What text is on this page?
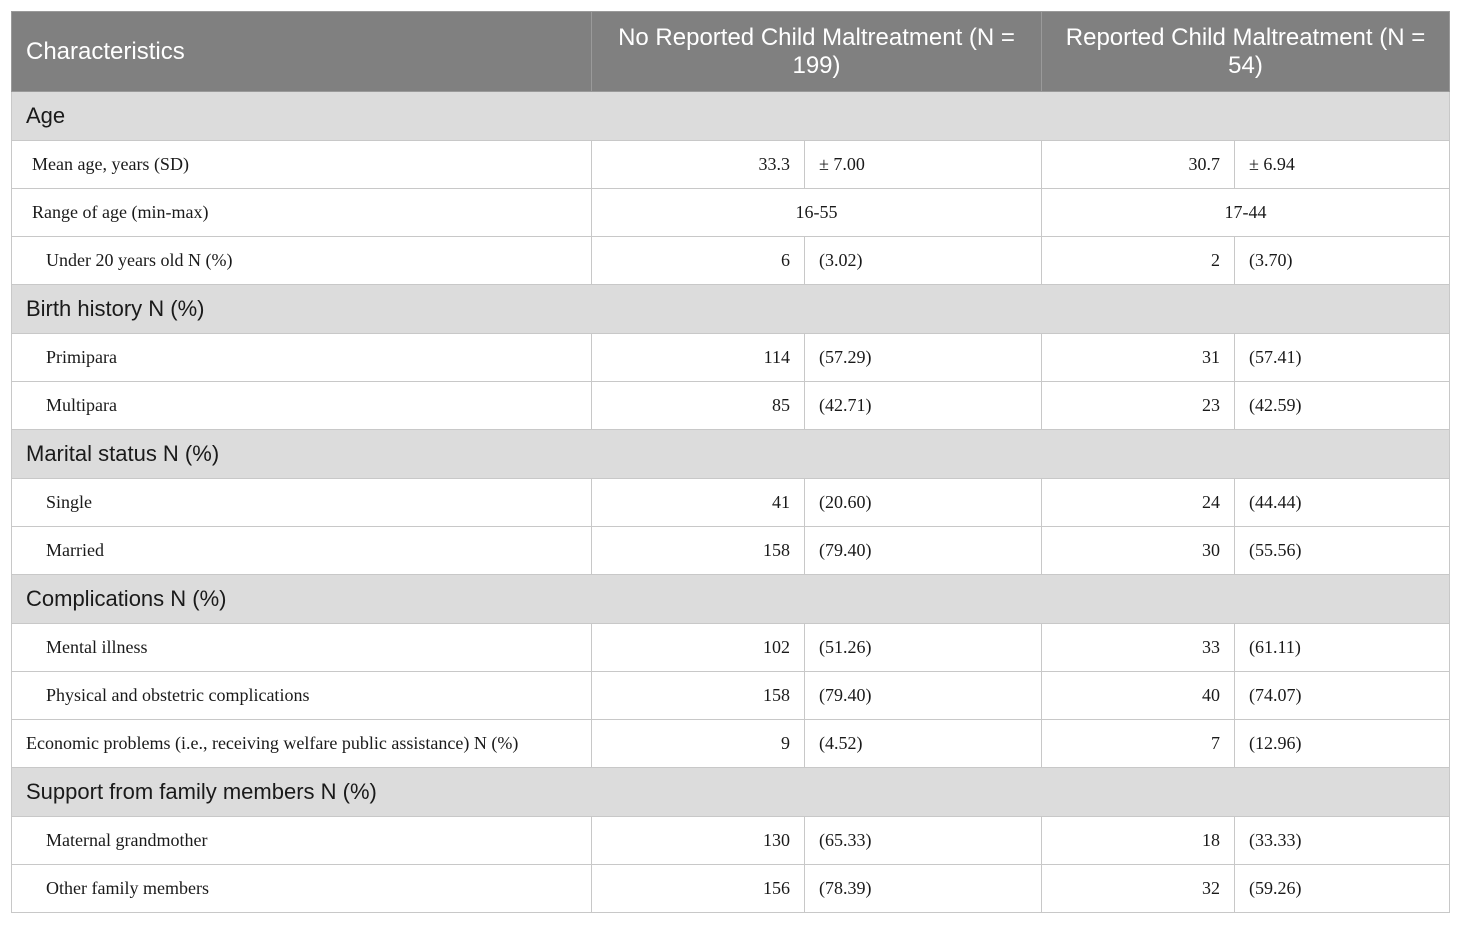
Characteristics	No Reported Child Maltreatment (N = 199)		Reported Child Maltreatment (N = 54)	
Age				
Mean age, years (SD)	33.3	± 7.00	30.7	± 6.94
Range of age (min-max)	16-55		17-44	
Under 20 years old N (%)	6	(3.02)	2	(3.70)
Birth history N (%)				
Primipara	114	(57.29)	31	(57.41)
Multipara	85	(42.71)	23	(42.59)
Marital status N (%)				
Single	41	(20.60)	24	(44.44)
Married	158	(79.40)	30	(55.56)
Complications N (%)				
Mental illness	102	(51.26)	33	(61.11)
Physical and obstetric complications	158	(79.40)	40	(74.07)
Economic problems (i.e., receiving welfare public assistance) N (%)	9	(4.52)	7	(12.96)
Support from family members N (%)				
Maternal grandmother	130	(65.33)	18	(33.33)
Other family members	156	(78.39)	32	(59.26)
